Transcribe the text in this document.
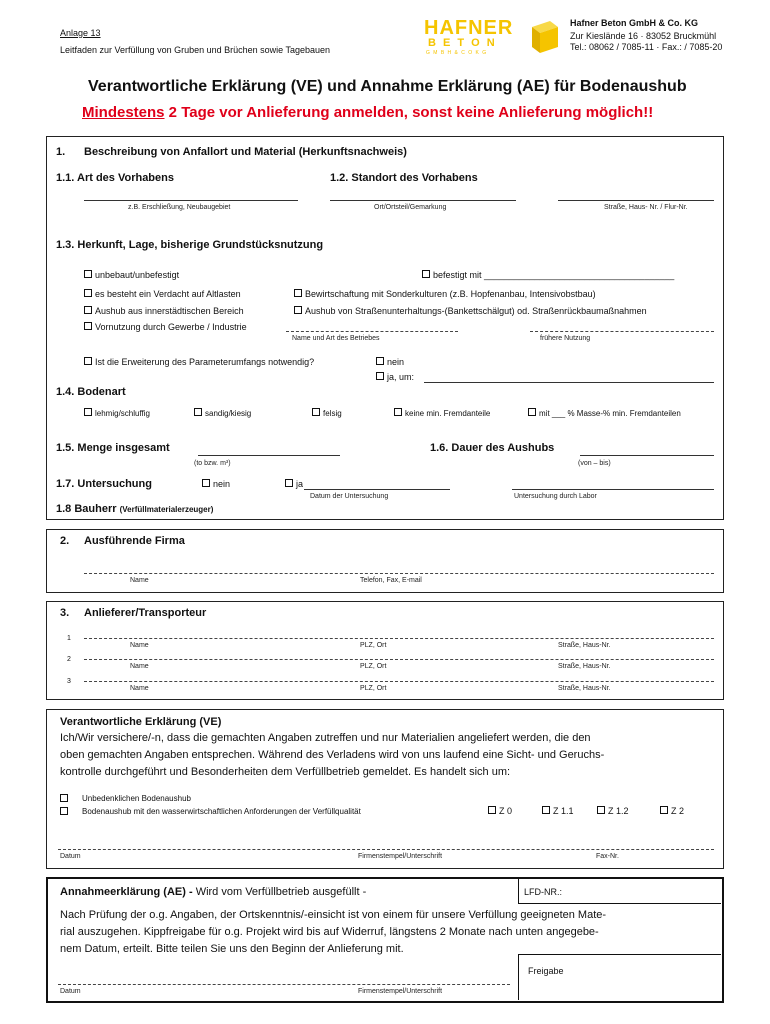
Anlage 13
Leitfaden zur Verfüllung von Gruben und Brüchen sowie Tagebauen
HAFNER
B E T O N
G M B H & C O K G
Hafner Beton GmbH & Co. KG
Zur Kieslände 16 · 83052 Bruckmühl
Tel.: 08062 / 7085-11 · Fax.: / 7085-20
Verantwortliche Erklärung (VE) und Annahme Erklärung (AE) für Bodenaushub
Mindestens 2 Tage vor Anlieferung anmelden, sonst keine Anlieferung möglich!!
1. Beschreibung von Anfallort und Material (Herkunftsnachweis)
1.1. Art des Vorhabens	1.2. Standort des Vorhabens
z.B. Erschließung, Neubaugebiet	Ort/Ortsteil/Gemarkung	Straße, Haus- Nr. / Flur-Nr.
1.3. Herkunft, Lage, bisherige Grundstücksnutzung
unbebaut/unbefestigt	befestigt mit ______________________________________
es besteht ein Verdacht auf Altlasten	Bewirtschaftung mit Sonderkulturen (z.B. Hopfenanbau, Intensivobstbau)
Aushub aus innerstädtischen Bereich	Aushub von Straßenunterhaltungs-(Bankettschälgut) od. Straßenrückbaumaßnahmen
Vornutzung durch Gewerbe / Industrie
Name und Art des Betriebes	frühere Nutzung
Ist die Erweiterung des Parameterumfangs notwendig?	nein
ja, um:
1.4. Bodenart
lehmig/schluffig	sandig/kiesig	felsig	keine min. Fremdanteile	mit ___ % Masse-% min. Fremdanteilen
1.5. Menge insgesamt
(to bzw. m³)
1.6. Dauer des Aushubs
(von – bis)
1.7. Untersuchung	nein	ja
Datum der Untersuchung	Untersuchung durch Labor
1.8 Bauherr (Verfüllmaterialerzeuger)
2. Ausführende Firma
Name	Telefon, Fax, E-mail
3. Anlieferer/Transporteur
1
Name	PLZ, Ort	Straße, Haus-Nr.
2
Name	PLZ, Ort	Straße, Haus-Nr.
3
Name	PLZ, Ort	Straße, Haus-Nr.
Verantwortliche Erklärung (VE)
Ich/Wir versichere/-n, dass die gemachten Angaben zutreffen und nur Materialien angeliefert werden, die den
oben gemachten Angaben entsprechen. Während des Verladens wird von uns laufend eine Sicht- und Geruchs-
kontrolle durchgeführt und Besonderheiten dem Verfüllbetrieb gemeldet. Es handelt sich um:
Unbedenklichen Bodenaushub
Bodenaushub mit den wasserwirtschaftlichen Anforderungen der Verfüllqualität	Z 0	Z 1.1	Z 1.2	Z 2
Datum	Firmenstempel/Unterschrift	Fax-Nr.
Annahmeerklärung (AE) - Wird vom Verfüllbetrieb ausgefüllt -	LFD-NR.:
Nach Prüfung der o.g. Angaben, der Ortskenntnis/-einsicht ist von einem für unsere Verfüllung geeigneten Mate-
rial auszugehen. Kippfreigabe für o.g. Projekt wird bis auf Widerruf, längstens 2 Monate nach unten angegebe-
nem Datum, erteilt. Bitte teilen Sie uns den Beginn der Anlieferung mit.
Freigabe
Datum	Firmenstempel/Unterschrift
